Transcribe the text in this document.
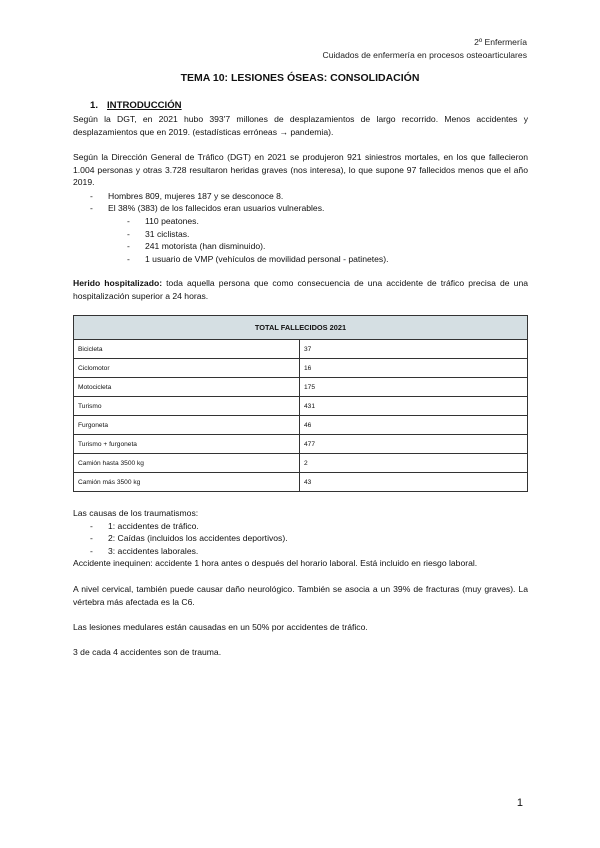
2º Enfermería
Cuidados de enfermería en procesos osteoarticulares
TEMA 10: LESIONES ÓSEAS: CONSOLIDACIÓN
1. INTRODUCCIÓN

Según la DGT, en 2021 hubo 393'7 millones de desplazamientos de largo recorrido. Menos accidentes y desplazamientos que en 2019. (estadísticas erróneas → pandemia).

Según la Dirección General de Tráfico (DGT) en 2021 se produjeron 921 siniestros mortales, en los que fallecieron 1.004 personas y otras 3.728 resultaron heridas graves (nos interesa), lo que supone 97 fallecidos menos que el año 2019.

- Hombres 809, mujeres 187 y se desconoce 8.
- El 38% (383) de los fallecidos eran usuarios vulnerables.
- 110 peatones.
- 31 ciclistas.
- 241 motorista (han disminuido).
- 1 usuario de VMP (vehículos de movilidad personal - patinetes).

Herido hospitalizado: toda aquella persona que como consecuencia de una accidente de tráfico precisa de una hospitalización superior a 24 horas.

TOTAL FALLECIDOS 2021	
Bicicleta	37
Ciclomotor	16
Motocicleta	175
Turismo	431
Furgoneta	46
Turismo + furgoneta	477
Camión hasta 3500 kg	2
Camión más 3500 kg	43

Las causas de los traumatismos:

- 1: accidentes de tráfico.
- 2: Caídas (incluidos los accidentes deportivos).
- 3: accidentes laborales.

Accidente inequinen: accidente 1 hora antes o después del horario laboral. Está incluido en riesgo laboral.

A nivel cervical, también puede causar daño neurológico. También se asocia a un 39% de fracturas (muy graves). La vértebra más afectada es la C6.

Las lesiones medulares están causadas en un 50% por accidentes de tráfico.

3 de cada 4 accidentes son de trauma.

1
